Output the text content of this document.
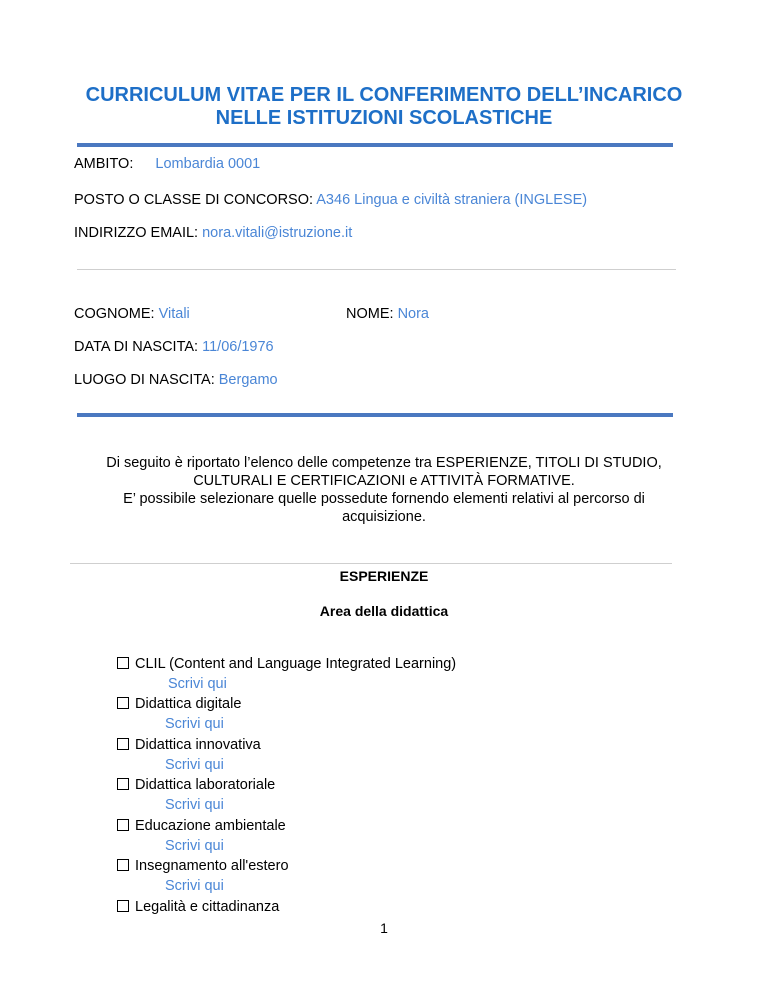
CURRICULUM VITAE PER IL CONFERIMENTO DELL’INCARICO
NELLE ISTITUZIONI SCOLASTICHE
AMBITO: Lombardia 0001
POSTO O CLASSE DI CONCORSO: A346 Lingua e civiltà straniera (INGLESE)
INDIRIZZO EMAIL: nora.vitali@istruzione.it
COGNOME: Vitali	NOME: Nora
DATA DI NASCITA: 11/06/1976
LUOGO DI NASCITA: Bergamo

Di seguito è riportato l’elenco delle competenze tra ESPERIENZE, TITOLI DI STUDIO,

CULTURALI E CERTIFICAZIONI e ATTIVITÀ FORMATIVE.

E’ possibile selezionare quelle possedute fornendo elementi relativi al percorso di

acquisizione.

ESPERIENZE
Area della didattica
CLIL (Content and Language Integrated Learning)
Scrivi qui
Didattica digitale
Scrivi qui
Didattica innovativa
Scrivi qui
Didattica laboratoriale
Scrivi qui
Educazione ambientale
Scrivi qui
Insegnamento all'estero
Scrivi qui
Legalità e cittadinanza
1
